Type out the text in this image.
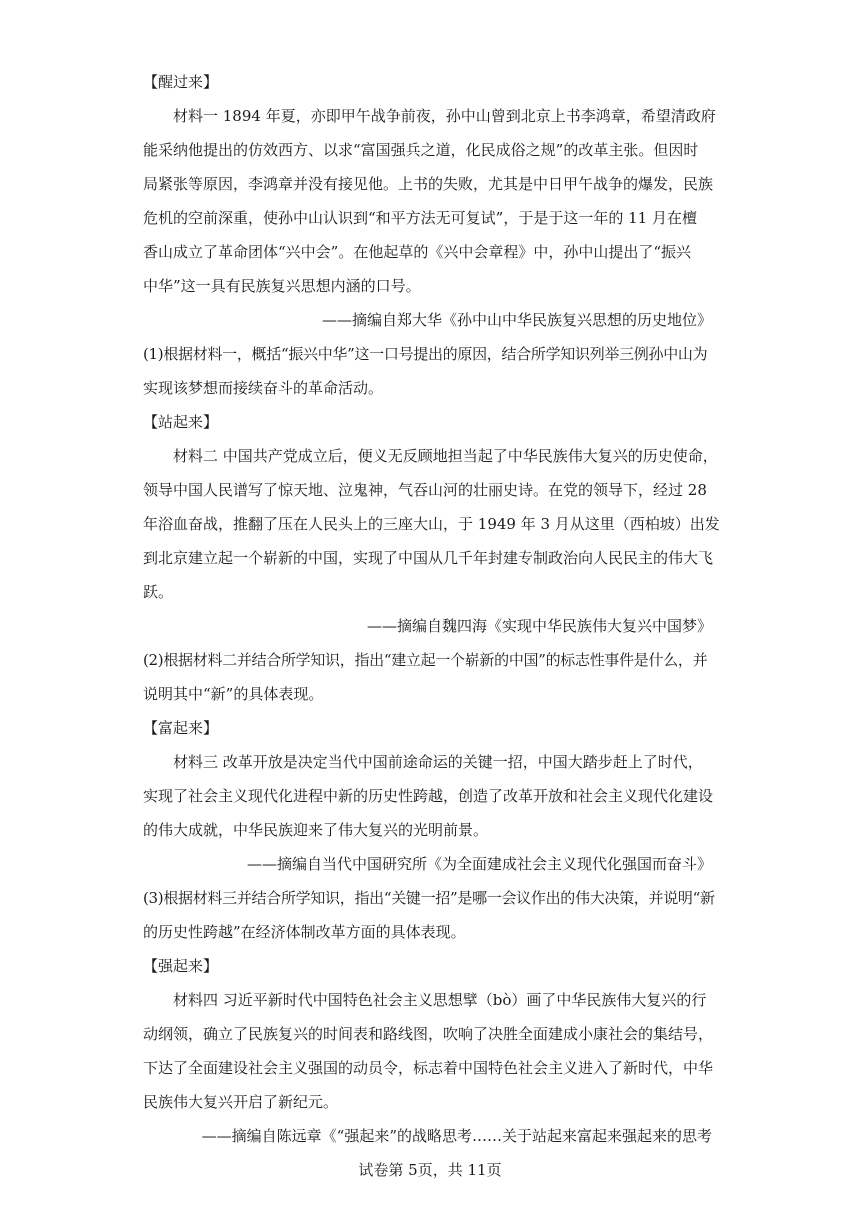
【醒过来】
材料一 1894 年夏，亦即甲午战争前夜，孙中山曾到北京上书李鸿章，希望清政府
能采纳他提出的仿效西方、以求“富国强兵之道，化民成俗之规”的改革主张。但因时
局紧张等原因，李鸿章并没有接见他。上书的失败，尤其是中日甲午战争的爆发，民族
危机的空前深重，使孙中山认识到“和平方法无可复试”，于是于这一年的 11 月在檀
香山成立了革命团体“兴中会”。在他起草的《兴中会章程》中，孙中山提出了“振兴
中华”这一具有民族复兴思想内涵的口号。
——摘编自郑大华《孙中山中华民族复兴思想的历史地位》
(1)根据材料一，概括“振兴中华”这一口号提出的原因，结合所学知识列举三例孙中山为
实现该梦想而接续奋斗的革命活动。
【站起来】
材料二 中国共产党成立后，便义无反顾地担当起了中华民族伟大复兴的历史使命，
领导中国人民谱写了惊天地、泣鬼神，气吞山河的壮丽史诗。在党的领导下，经过 28
年浴血奋战，推翻了压在人民头上的三座大山，于 1949 年 3 月从这里（西柏坡）出发
到北京建立起一个崭新的中国，实现了中国从几千年封建专制政治向人民民主的伟大飞
跃。
——摘编自魏四海《实现中华民族伟大复兴中国梦》
(2)根据材料二并结合所学知识，指出“建立起一个崭新的中国”的标志性事件是什么，并
说明其中“新”的具体表现。
【富起来】
材料三 改革开放是决定当代中国前途命运的关键一招，中国大踏步赶上了时代，
实现了社会主义现代化进程中新的历史性跨越，创造了改革开放和社会主义现代化建设
的伟大成就，中华民族迎来了伟大复兴的光明前景。
——摘编自当代中国研究所《为全面建成社会主义现代化强国而奋斗》
(3)根据材料三并结合所学知识，指出“关键一招”是哪一会议作出的伟大决策，并说明“新
的历史性跨越”在经济体制改革方面的具体表现。
【强起来】
材料四 习近平新时代中国特色社会主义思想擘（bò）画了中华民族伟大复兴的行
动纲领，确立了民族复兴的时间表和路线图，吹响了决胜全面建成小康社会的集结号，
下达了全面建设社会主义强国的动员令，标志着中国特色社会主义进入了新时代，中华
民族伟大复兴开启了新纪元。
——摘编自陈远章《“强起来”的战略思考……关于站起来富起来强起来的思考
试卷第 5页，共 11页
